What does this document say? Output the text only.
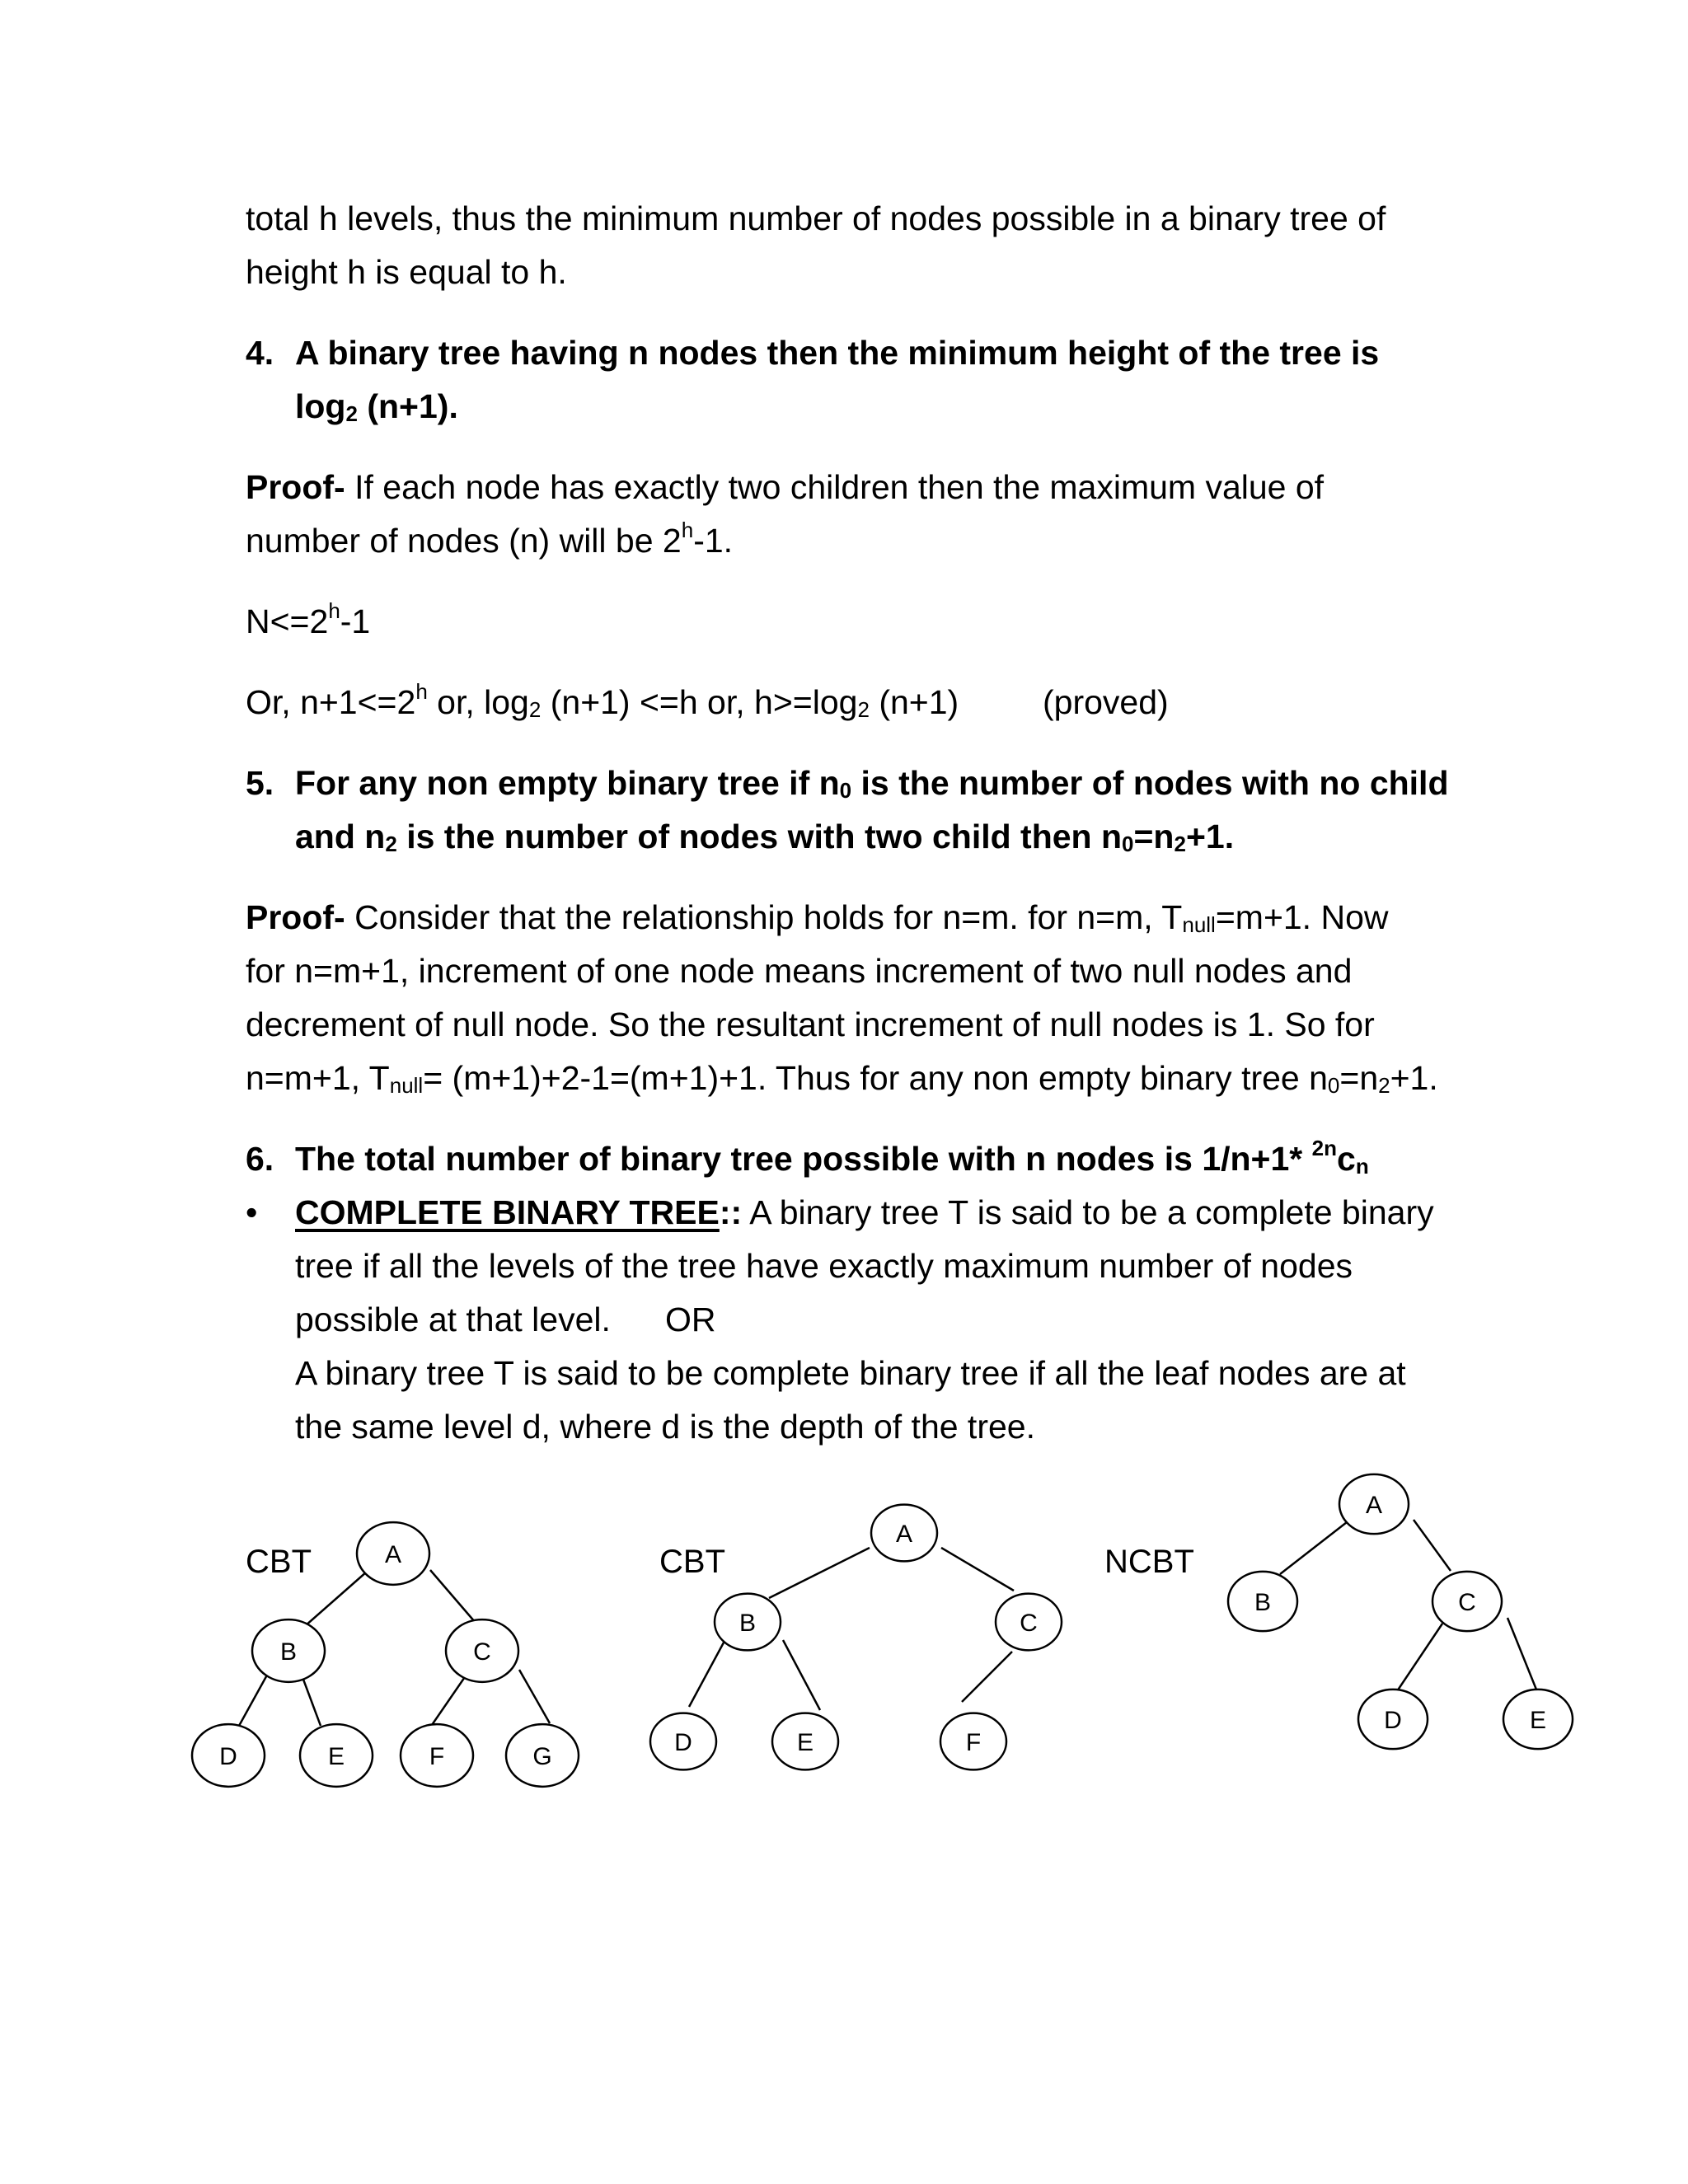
total h levels, thus the minimum number of nodes possible in a binary tree of
height h is equal to h.
4. A binary tree having n nodes then the minimum height of the tree is
$\log_2 (n+1)$.
Proof- If each node has exactly two children then the maximum value of
number of nodes (n) will be 2$^h$-1.
$N<=2^h-1$
Or, $n+1<=2^h$ or, $\log_2 (n+1) <=h$ or, $h>=\log_2$ (n+1) (proved)
5. For any non empty binary tree if $n_0$ is the number of nodes with no child
and $n_2$ is the number of nodes with two child then $n_0=n_2+1$.
Proof- Consider that the relationship holds for n=m. for n=m, $T_{null}=m+1$. Now
for n=m+1, increment of one node means increment of two null nodes and
decrement of null node. So the resultant increment of null nodes is 1. So for
n=m+1, $T_{null}= (m+1)+2-1=(m+1)+1$. Thus for any non empty binary tree $n_0=n_2+1$.
6. The total number of binary tree possible with n nodes is 1/n+1* $^{2n}c_n$
• COMPLETE BINARY TREE:: A binary tree T is said to be a complete binary
tree if all the levels of the tree have exactly maximum number of nodes
possible at that level. OR
A binary tree T is said to be complete binary tree if all the leaf nodes are at
the same level d, where d is the depth of the tree.
CBT	CBT	NCBT
A
B	C
D	E	F	G
A
B	C
D	E	F
A
B	C
D	E
